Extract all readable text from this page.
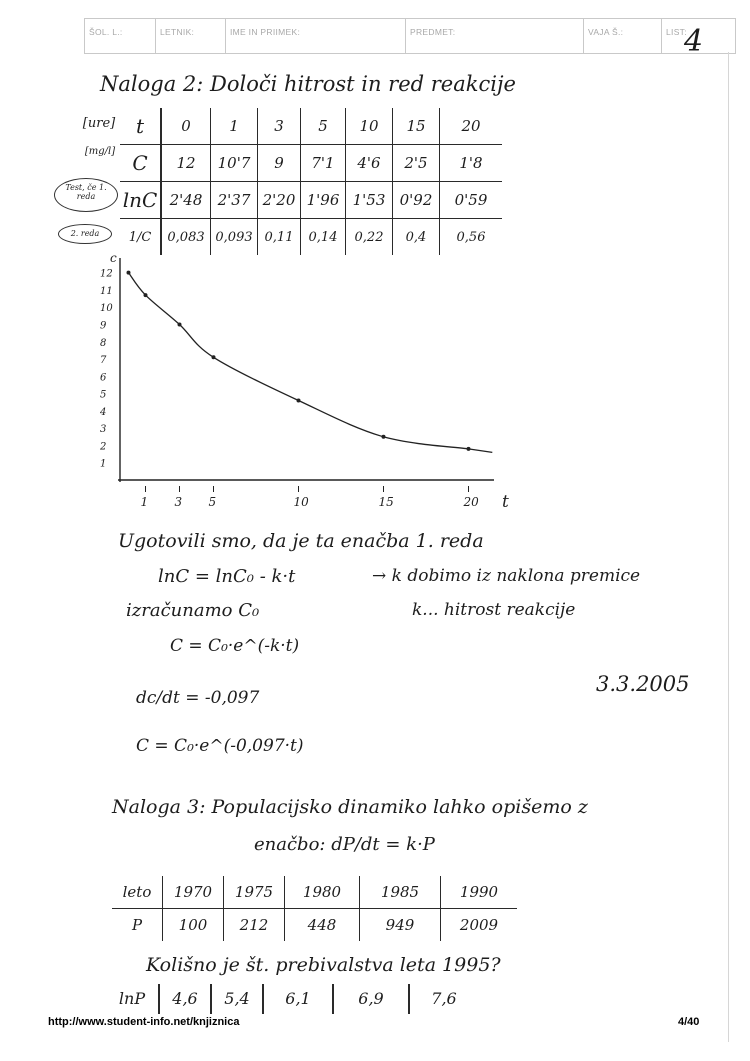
ŠOL. L.:	LETNIK:	IME IN PRIIMEK:	PREDMET:	VAJA Š.:	LIST:
4
Naloga 2: Določi hitrost in red reakcije
[ure]
[mg/l]
Test, če 1. reda
2. reda
t	0	1	3	5	10	15	20
C	12	10'7	9	7'1	4'6	2'5	1'8
lnC	2'48	2'37	2'20	1'96	1'53	0'92	0'59
1/C	0,083	0,093	0,11	0,14	0,22	0,4	0,56
1
2
3
4
5
6
7
8
9
10
11
12
1 3 5	10	15	20 t
c
Ugotovili smo, da je ta enačba 1. reda
lnC = lnC₀ - k·t	→ k dobimo iz naklona premice
k... hitrost reakcije
izračunamo C₀
C = C₀·e^(-k·t)
3.3.2005
dc/dt = -0,097
C = C₀·e^(-0,097·t)
Naloga 3: Populacijsko dinamiko lahko opišemo z
enačbo: dP/dt = k·P
leto	1970	1975	1980	1985	1990
P	100	212	448	949	2009
Kolišno je št. prebivalstva leta 1995?
lnP 4,6 5,4 6,1	6,9	7,6
http://www.student-info.net/knjiznica	4/40
